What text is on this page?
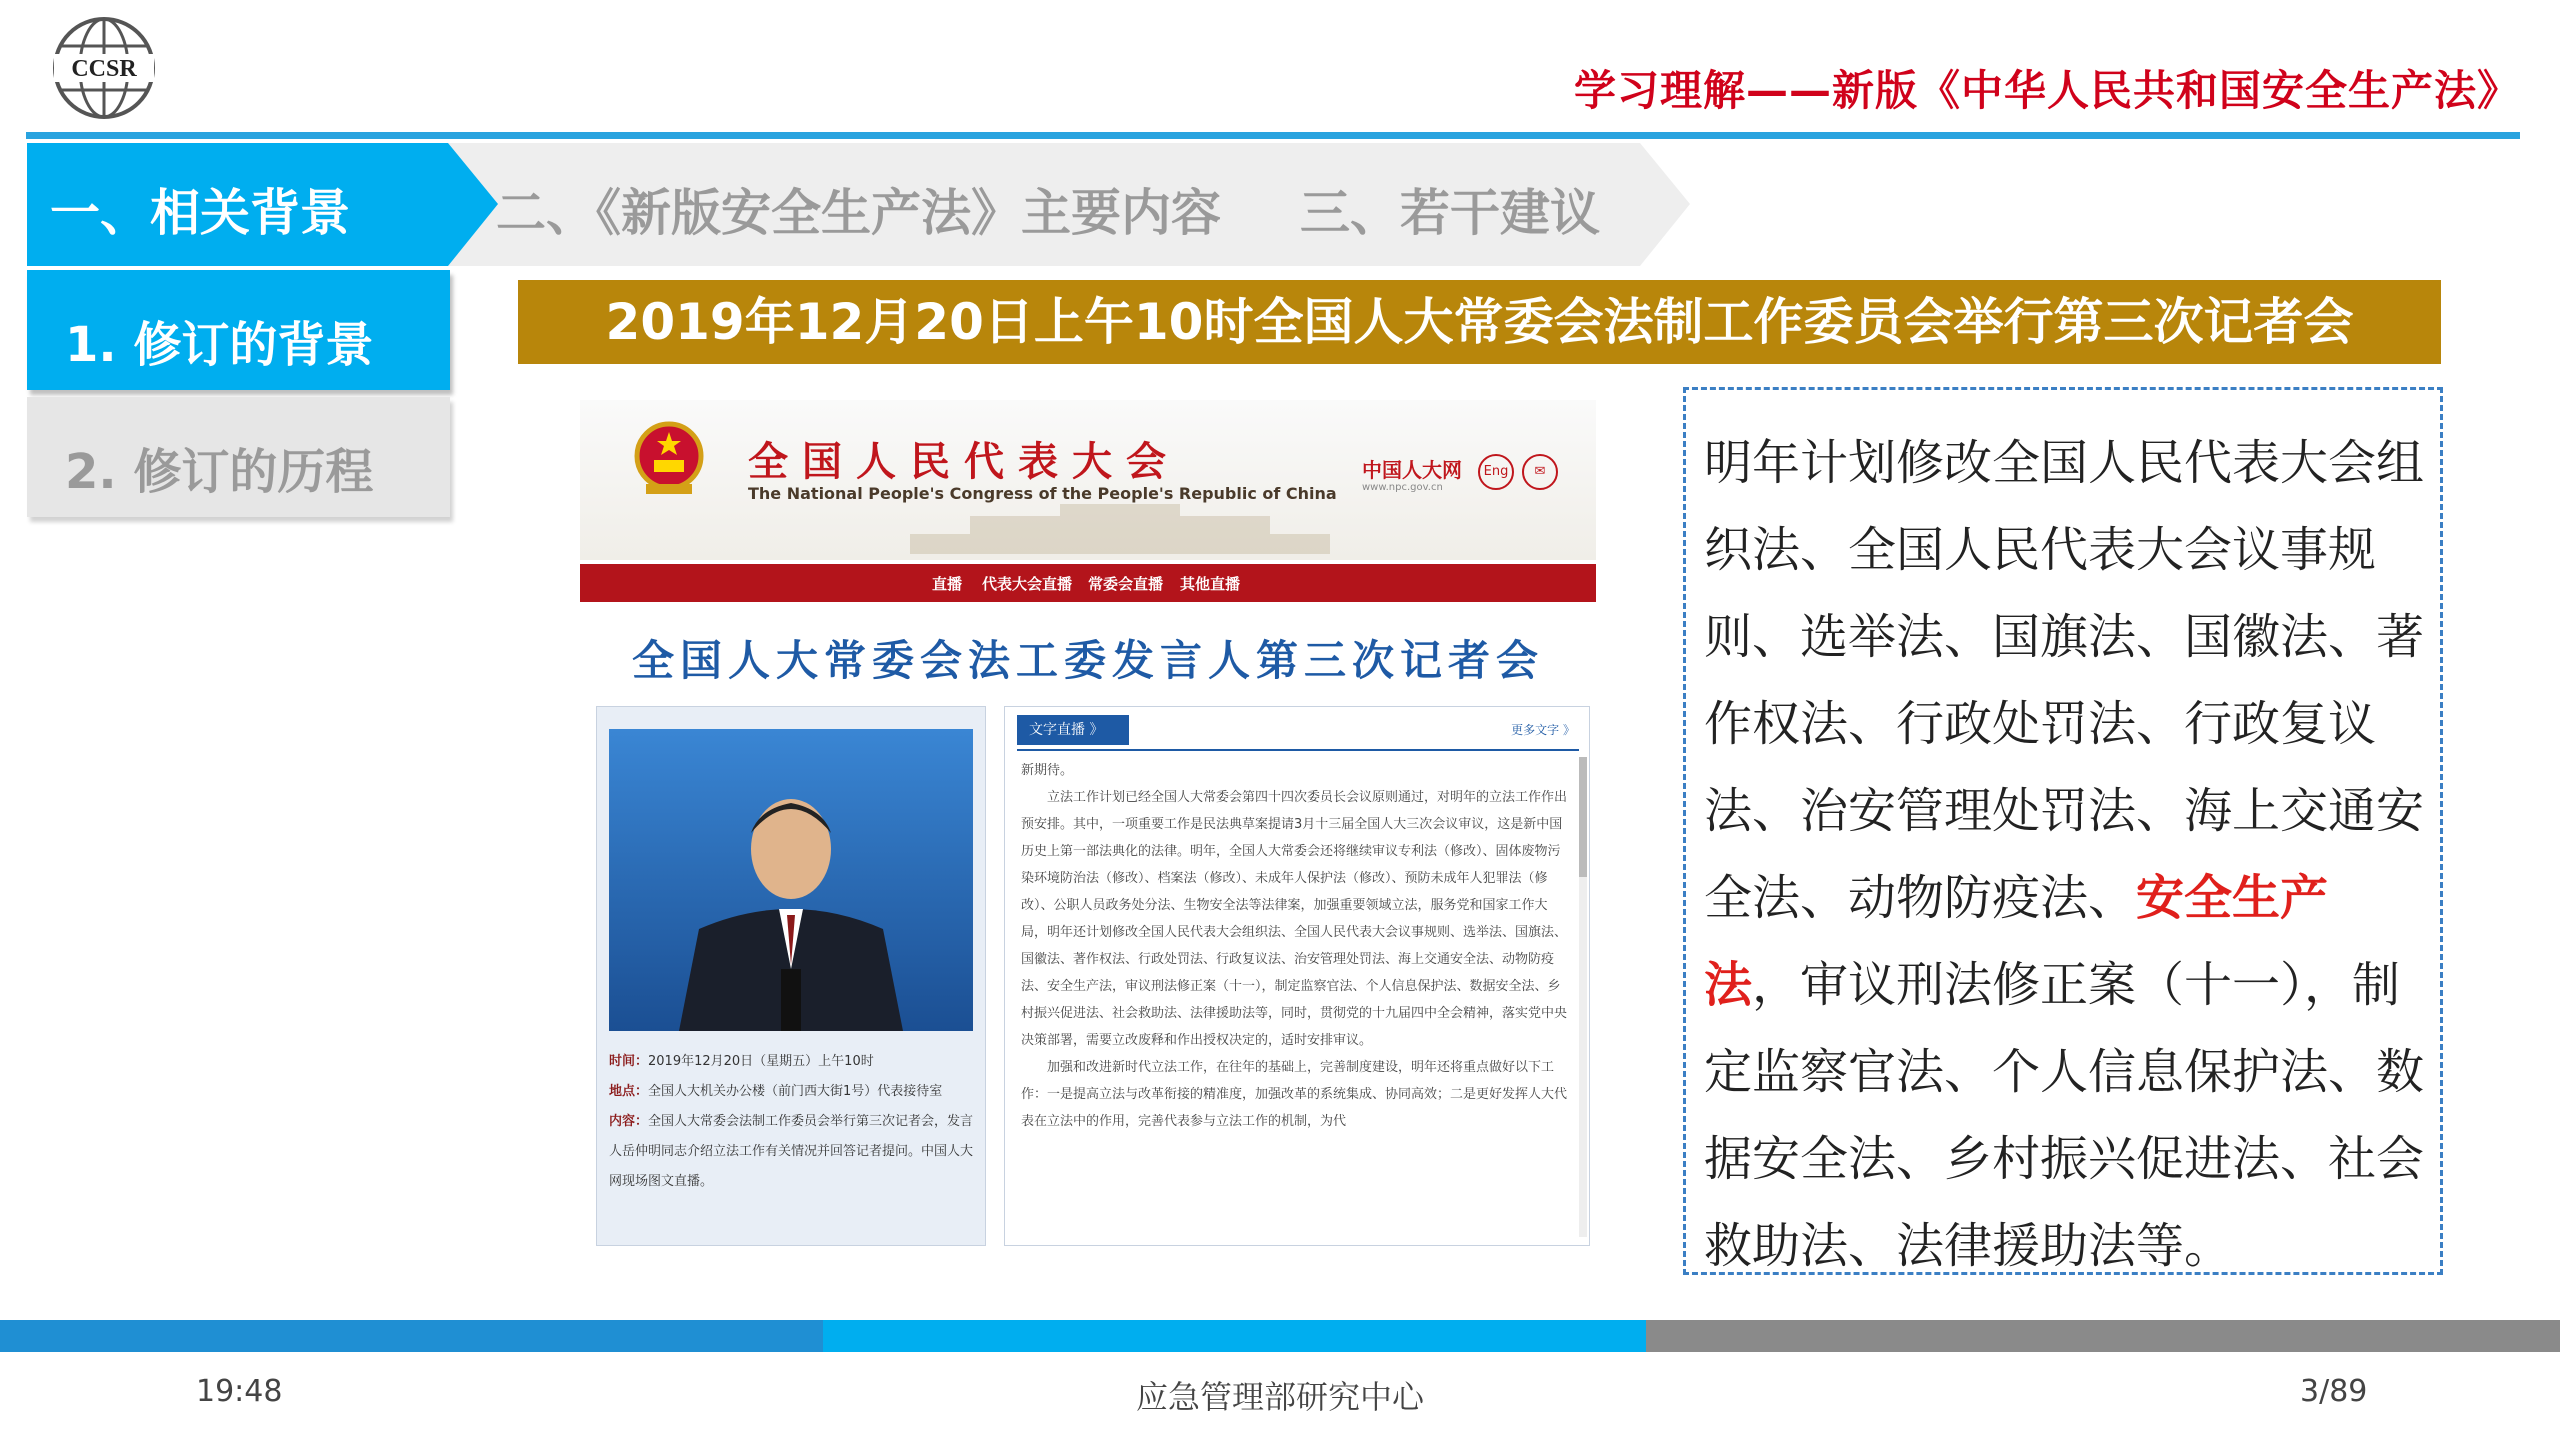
CCSR	学习理解——新版《中华人民共和国安全生产法》
一、相关背景	二、《新版安全生产法》主要内容 三、若干建议
1. 修订的背景
2. 修订的历程
2019年12月20日上午10时全国人大常委会法制工作委员会举行第三次记者会
全国人民代表大会
The National People's Congress of the People's Republic of China
中国人大网
www.npc.gov.cn
Eng	✉
直播 代表大会直播 常委会直播 其他直播
全国人大常委会法工委发言人第三次记者会
时间：2019年12月20日（星期五）上午10时
地点：全国人大机关办公楼（前门西大街1号）代表接待室
内容：全国人大常委会法制工作委员会举行第三次记者会，发言人岳仲明同志介绍立法工作有关情况并回答记者提问。中国人大网现场图文直播。
文字直播 》	更多文字 》
新期待。

立法工作计划已经全国人大常委会第四十四次委员长会议原则通过，对明年的立法工作作出预安排。其中，一项重要工作是民法典草案提请3月十三届全国人大三次会议审议，这是新中国历史上第一部法典化的法律。明年，全国人大常委会还将继续审议专利法（修改）、固体废物污染环境防治法（修改）、档案法（修改）、未成年人保护法（修改）、预防未成年人犯罪法（修改）、公职人员政务处分法、生物安全法等法律案，加强重要领域立法，服务党和国家工作大局，明年还计划修改全国人民代表大会组织法、全国人民代表大会议事规则、选举法、国旗法、国徽法、著作权法、行政处罚法、行政复议法、治安管理处罚法、海上交通安全法、动物防疫法、安全生产法，审议刑法修正案（十一），制定监察官法、个人信息保护法、数据安全法、乡村振兴促进法、社会救助法、法律援助法等，同时，贯彻党的十九届四中全会精神，落实党中央决策部署，需要立改废释和作出授权决定的，适时安排审议。

加强和改进新时代立法工作，在往年的基础上，完善制度建设，明年还将重点做好以下工作：一是提高立法与改革衔接的精准度，加强改革的系统集成、协同高效；二是更好发挥人大代表在立法中的作用，完善代表参与立法工作的机制，为代

明年计划修改全国人民代表大会组织法、全国人民代表大会议事规则、选举法、国旗法、国徽法、著作权法、行政处罚法、行政复议法、治安管理处罚法、海上交通安全法、动物防疫法、安全生产法，审议刑法修正案（十一），制定监察官法、个人信息保护法、数据安全法、乡村振兴促进法、社会救助法、法律援助法等。
19:48	应急管理部研究中心	3/89
